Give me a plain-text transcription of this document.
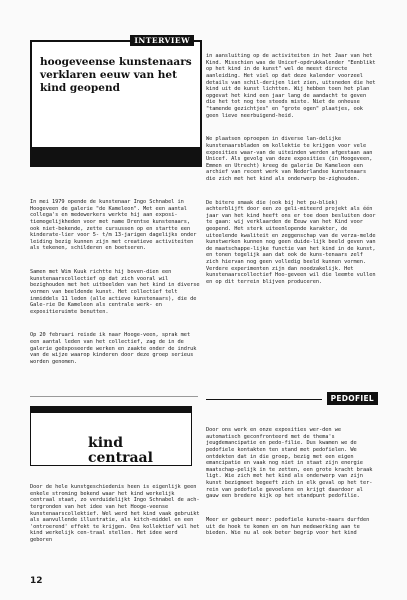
INTERVIEW
hoogeveense kunstenaars verklaren eeuw van het kind geopend

In mei 1979 opende de kunstenaar Ingo Schnabel in Hoogeveen de galerie "de Kameleon". Met een aantal collega's en medewerkers werkte hij aan exposi-tiemogelijkheden voor met name Drentse kunstenaars, ook niet-bekende, zette cursussen op en startte een kinderate-lier voor 5- t/m 13-jarigen dagelijks onder leiding bezig kunnen zijn met creatieve activiteiten als tekenen, schilderen en boetseren.

Samen met Wim Kuuk richtte hij boven-dien een kunstenaarscollectief op dat zich vooral wil bezighouden met het uitbeelden van het kind in diverse vormen van beeldende kunst. Het collectief telt inmiddels 11 leden (alle actieve kunstenaars), die de Gale-rie De Kameleon als centrale werk- en expositieruimte benutten.

Op 20 februari reisde ik naar Hooge-veen, sprak met een aantal leden van het collectief, zag de in de galerie geëxposeerde werken en zaakte onder de indruk van de wijze waarop kinderen door deze groep serieus worden genomen.

in aansluiting op de activiteiten in het Jaar van het Kind. Misschien was de Unicef-opdrukkalender "Eenblikt op het kind in de kunst" wel de meest directe aanleiding. Het viel op dat deze kalender voorzeel details van schil-derijen liet zien, uitsneden die het kind uit de kunst lichtten. Wij hebben toen het plan opgevat het kind een jaar lang de aandacht te geven die het tot nog toe steeds miste. Niet de onheuse "tamende gezichtjes" en "grote ogen" plaatjes, ook geen lieve neerbuigend-heid.

We plaatsen oproepen in diverse lan-delijke kunstenaarsbladen om kollektie te krijgen voor vele exposities waar-van de uiteinden werden afgestaan aan Unicef. Als gevolg van deze exposities (in Hoogeveen, Emmen en Utrecht) kreeg de galerie De Kameleon een archief van recent werk van Nederlandse kunstenaars die zich met het kind als onderwerp be-zighouden.

De bitere smaak die (ook bij het pu-bliek) achterblijft door een zo geli-miteerd projekt als één jaar van het kind heeft ons er toe doen besluiten door te gaan: wij verklaarden de Eeuw van het Kind voor geopend. Het sterk uiteenlopende karakter, de uiteelende kwaliteit en zeggenschap van de verza-melde kunstwerken kunnen nog geen duide-lijk beeld geven van de maatschappe-lijke functie van het kind in de kunst, en tonen tegelijk aan dat ook de kuns-tenaars zelf zich hiervan nog geen volledig beeld kunnen vormen. Verdere experimenten zijn dan noodzakelijk. Het kunstenaarscollectief Hoo-geveen wil die leemte vullen en op dit terrein blijven produceren.

kind
centraal

Door de hele kunstgeschiedenis heen is eigenlijk geen enkele stroming bekend waar het kind werkelijk centraal staat, zo verduidelijkt Ingo Schnabel de ach-tergronden van het idee van het Hooge-veense kunstenaarscollektief. Wel werd het kind vaak gebruikt als aanvullende illustratie, als kitch-middel en een 'ontroerend' effekt te krijgen. Ons kollektief wil het kind werkelijk cen-traal stellen. Het idee werd geboren

PEDOFIEL

Door ons werk en onze exposities wer-den we automatisch geconfronteerd met de thema's jeugdemancipatie en pedo-filie. Dus kwamen we de pedofiele kontakten ten stand met pedofielen. We ontdekten dat in die groep, bezig met een eigen emancipatie en vaak nog niet in staat zijn energie maatschap-pelijk in te zetten, een grote kracht braak ligt. Wie zich met het kind als onderwerp van zijn kunst bezigmoet begeeft zich in elk geval op het ter-rein van pedofiele gevoelens en krijgt daardoor al gauw een bredere kijk op het standpunt pedofilie.

Meer er gebeurt meer: pedofiele kunste-naars durfden uit de hoek te komen en om hun medewerking aan te bieden. Wie nu al ook beter begrip voor het kind

12
